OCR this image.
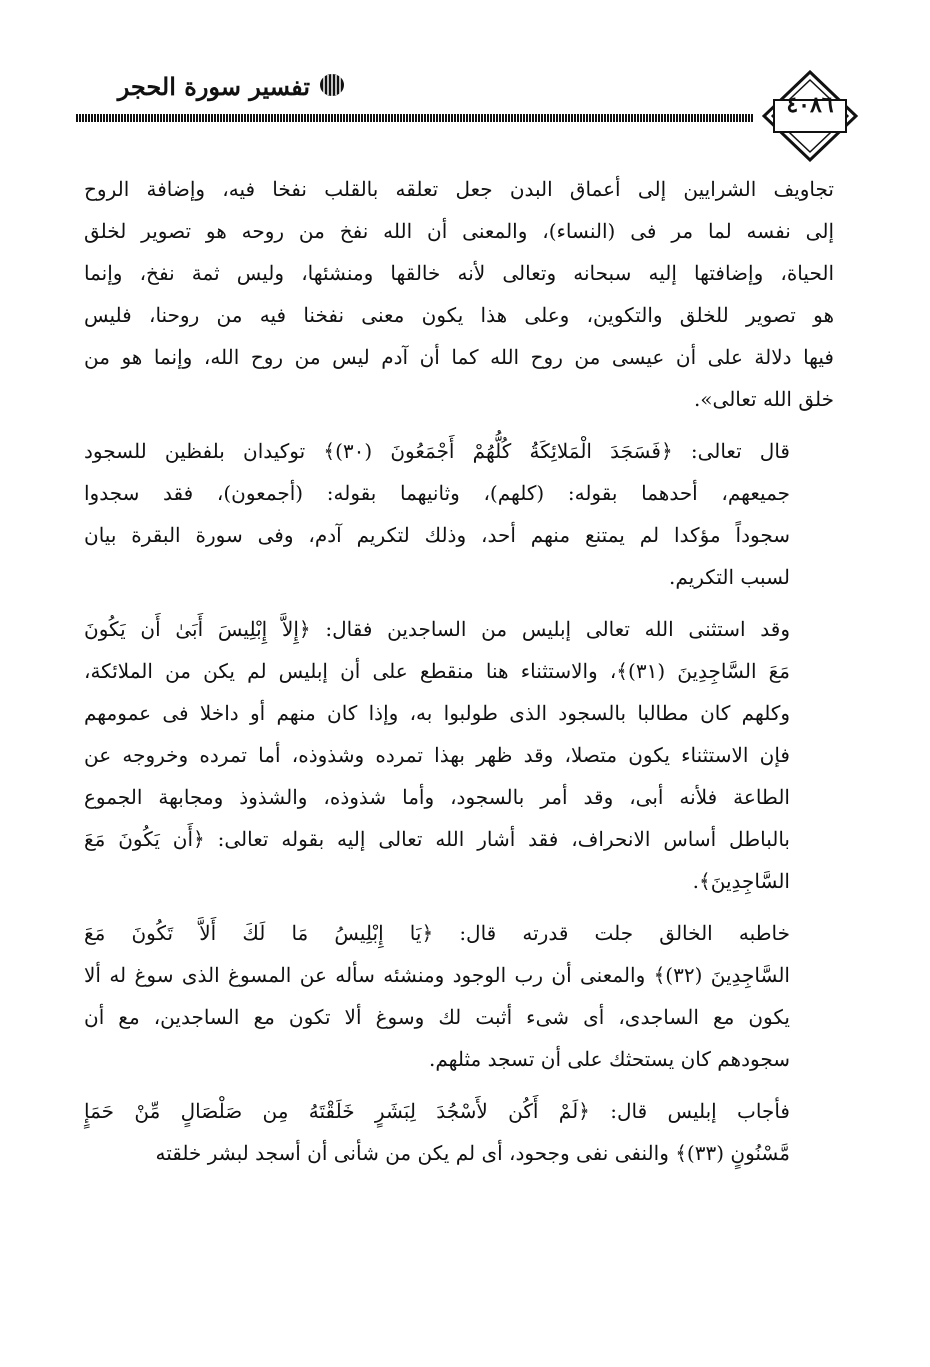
٤٠٨٦
تفسير سورة الحجر
تجاويف الشرايين إلى أعماق البدن جعل تعلقه بالقلب نفخا فيه، وإضافة الروح
إلى نفسه لما مر فى (النساء)، والمعنى أن الله نفخ من روحه هو تصوير لخلق
الحياة، وإضافتها إليه سبحانه وتعالى لأنه خالقها ومنشئها، وليس ثمة نفخ، وإنما
هو تصوير للخلق والتكوين، وعلى هذا يكون معنى نفخنا فيه من روحنا، فليس
فيها دلالة على أن عيسى من روح الله كما أن آدم ليس من روح الله، وإنما هو من
خلق الله تعالى».
قال تعالى: ﴿فَسَجَدَ الْمَلائِكَةُ كُلُّهُمْ أَجْمَعُونَ (٣٠)﴾ توكيدان بلفظين للسجود
جميعهم، أحدهما بقوله: (كلهم)، وثانيهما بقوله: (أجمعون)، فقد سجدوا
سجوداً مؤكدا لم يمتنع منهم أحد، وذلك لتكريم آدم، وفى سورة البقرة بيان
لسبب التكريم.
وقد استثنى الله تعالى إبليس من الساجدين فقال: ﴿إِلاَّ إِبْلِيسَ أَبَىٰ أَن يَكُونَ
مَعَ السَّاجِدِينَ (٣١)﴾، والاستثناء هنا منقطع على أن إبليس لم يكن من الملائكة،
وكلهم كان مطالبا بالسجود الذى طولبوا به، وإذا كان منهم أو داخلا فى عمومهم
فإن الاستثناء يكون متصلا، وقد ظهر بهذا تمرده وشذوذه، أما تمرده وخروجه عن
الطاعة فلأنه أبى، وقد أمر بالسجود، وأما شذوذه، والشذوذ ومجابهة الجموع
بالباطل أساس الانحراف، فقد أشار الله تعالى إليه بقوله تعالى: ﴿أَن يَكُونَ مَعَ
السَّاجِدِينَ﴾.
خاطبه الخالق جلت قدرته قال: ﴿يَا إِبْلِيسُ مَا لَكَ أَلاَّ تَكُونَ مَعَ
السَّاجِدِينَ (٣٢)﴾ والمعنى أن رب الوجود ومنشئه سأله عن المسوغ الذى سوغ له ألا
يكون مع الساجدى، أى شىء أثبت لك وسوغ ألا تكون مع الساجدين، مع أن
سجودهم كان يستحثك على أن تسجد مثلهم.
فأجاب إبليس قال: ﴿لَمْ أَكُن لأَسْجُدَ لِبَشَرٍ خَلَقْتَهُ مِن صَلْصَالٍ مِّنْ حَمَإٍ
مَّسْنُونٍ (٣٣)﴾ والنفى نفى وجحود، أى لم يكن من شأنى أن أسجد لبشر خلقته
